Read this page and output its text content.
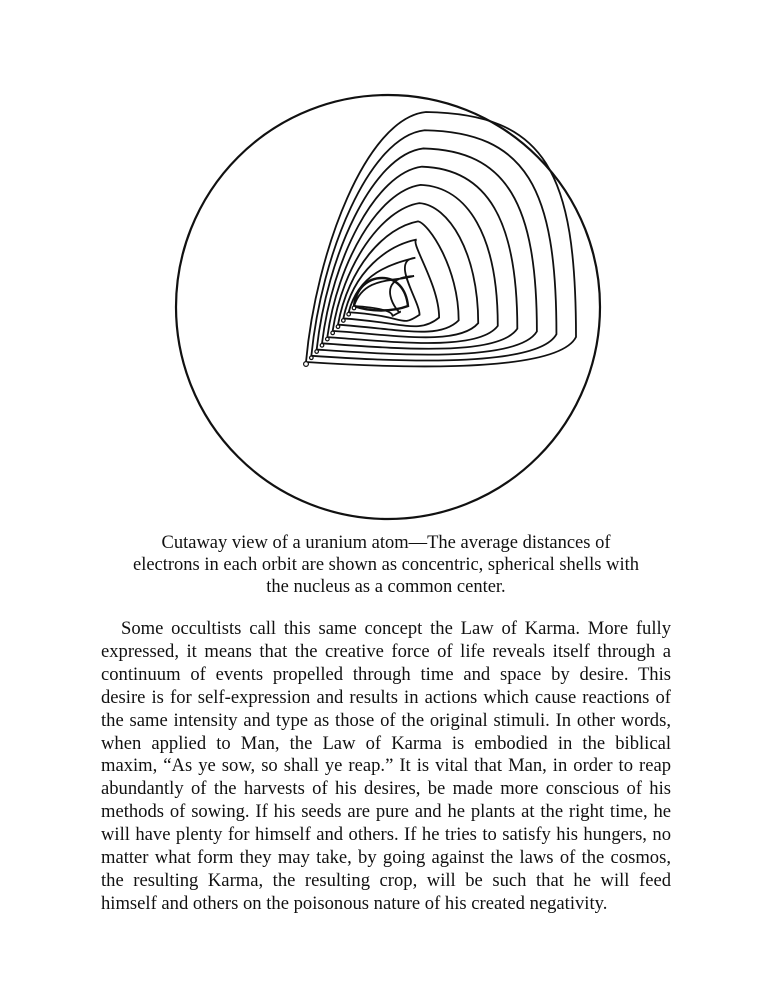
Cutaway view of a uranium atom—The average distances of
electrons in each orbit are shown as concentric, spherical shells with
the nucleus as a common center.
Some occultists call this same concept the Law of Karma. More fully
expressed, it means that the creative force of life reveals itself through a
continuum of events propelled through time and space by desire. This
desire is for self-expression and results in actions which cause reactions of
the same intensity and type as those of the original stimuli. In other words,
when applied to Man, the Law of Karma is embodied in the biblical
maxim, “As ye sow, so shall ye reap.” It is vital that Man, in order to reap
abundantly of the harvests of his desires, be made more conscious of his
methods of sowing. If his seeds are pure and he plants at the right time, he
will have plenty for himself and others. If he tries to satisfy his hungers, no
matter what form they may take, by going against the laws of the cosmos,
the resulting Karma, the resulting crop, will be such that he will feed
himself and others on the poisonous nature of his created negativity.
